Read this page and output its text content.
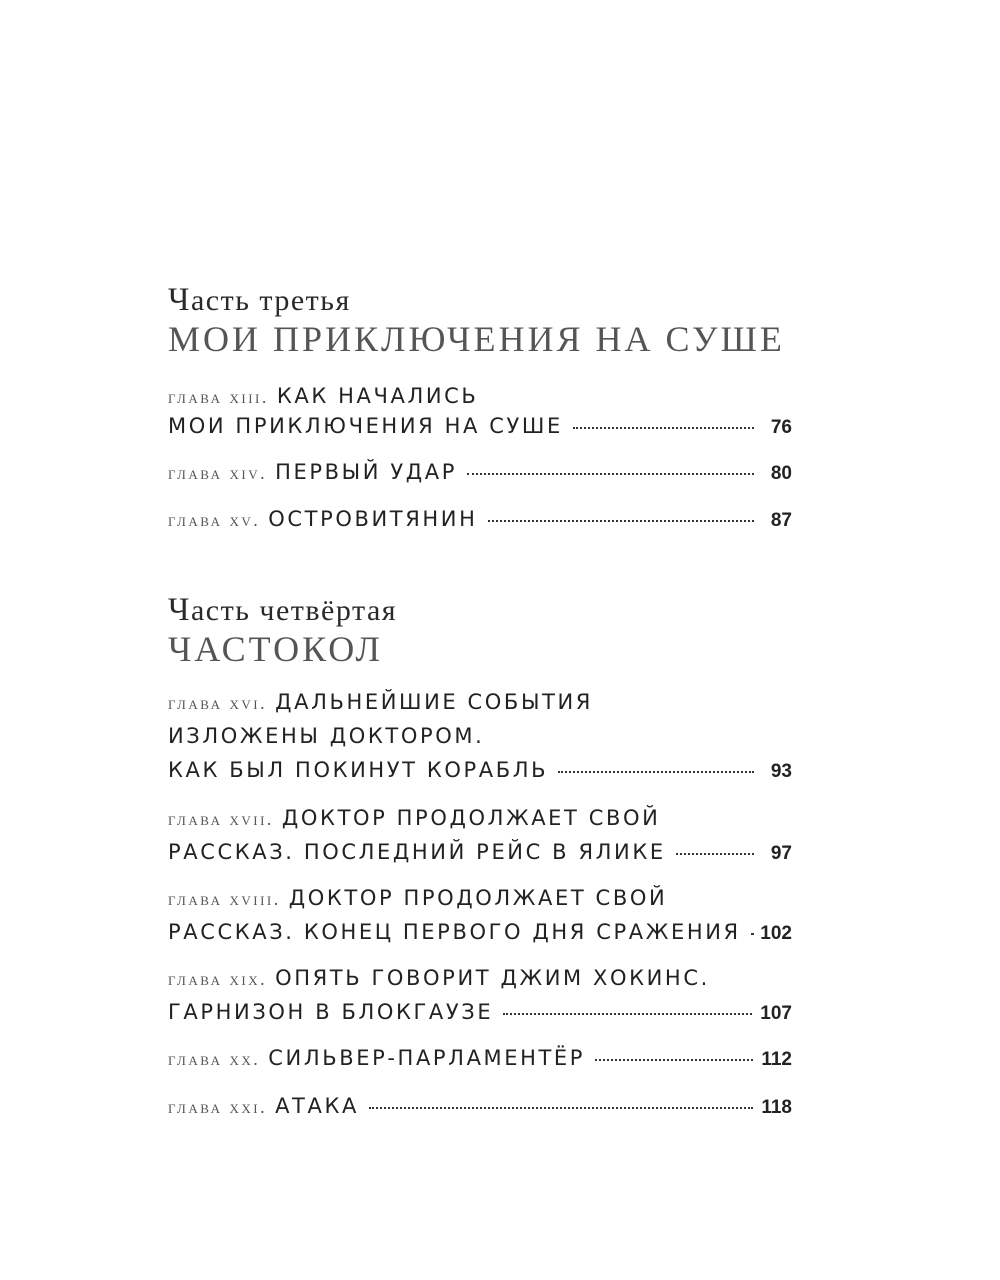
Часть третья
МОИ ПРИКЛЮЧЕНИЯ НА СУШЕ
глава xiii. КАК НАЧАЛИСЬ
МОИ ПРИКЛЮЧЕНИЯ НА СУШЕ	76
глава xiv. ПЕРВЫЙ УДАР	80
глава xv. ОСТРОВИТЯНИН	87
Часть четвёртая
ЧАСТОКОЛ
глава xvi. ДАЛЬНЕЙШИЕ СОБЫТИЯ
ИЗЛОЖЕНЫ ДОКТОРОМ.
КАК БЫЛ ПОКИНУТ КОРАБЛЬ	93
глава xvii. ДОКТОР ПРОДОЛЖАЕТ СВОЙ
РАССКАЗ. ПОСЛЕДНИЙ РЕЙС В ЯЛИКЕ	97
глава xviii. ДОКТОР ПРОДОЛЖАЕТ СВОЙ
РАССКАЗ. КОНЕЦ ПЕРВОГО ДНЯ СРАЖЕНИЯ 102
глава xix. ОПЯТЬ ГОВОРИТ ДЖИМ ХОКИНС.
ГАРНИЗОН В БЛОКГАУЗЕ	107
глава xx. СИЛЬВЕР-ПАРЛАМЕНТЁР	112
глава xxi. АТАКА	118
